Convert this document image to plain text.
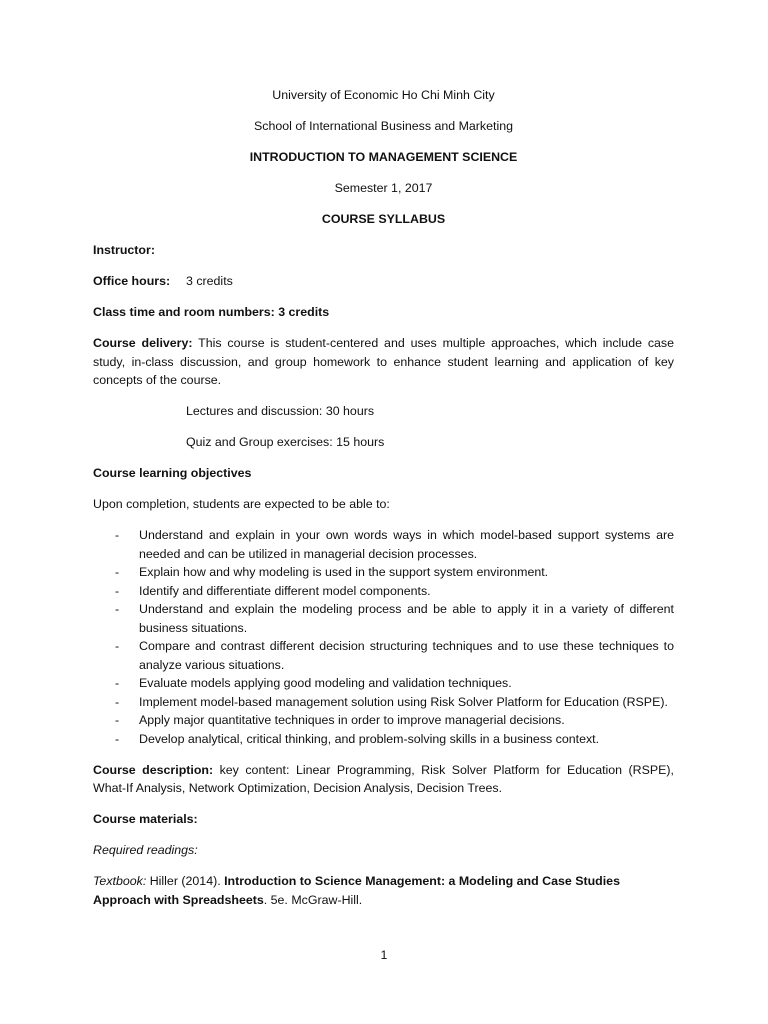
University of Economic Ho Chi Minh City

School of International Business and Marketing

INTRODUCTION TO MANAGEMENT SCIENCE

Semester 1, 2017

COURSE SYLLABUS

Instructor:

Office hours: 3 credits

Class time and room numbers: 3 credits

Course delivery: This course is student-centered and uses multiple approaches, which include case study, in-class discussion, and group homework to enhance student learning and application of key concepts of the course.

Lectures and discussion: 30 hours

Quiz and Group exercises: 15 hours

Course learning objectives

Upon completion, students are expected to be able to:

- Understand and explain in your own words ways in which model-based support systems are needed and can be utilized in managerial decision processes.
- Explain how and why modeling is used in the support system environment.
- Identify and differentiate different model components.
- Understand and explain the modeling process and be able to apply it in a variety of different business situations.
- Compare and contrast different decision structuring techniques and to use these techniques to analyze various situations.
- Evaluate models applying good modeling and validation techniques.
- Implement model-based management solution using Risk Solver Platform for Education (RSPE).
- Apply major quantitative techniques in order to improve managerial decisions.
- Develop analytical, critical thinking, and problem-solving skills in a business context.

Course description: key content: Linear Programming, Risk Solver Platform for Education (RSPE), What-If Analysis, Network Optimization, Decision Analysis, Decision Trees.

Course materials:

Required readings:

Textbook: Hiller (2014). Introduction to Science Management: a Modeling and Case Studies Approach with Spreadsheets. 5e. McGraw-Hill.

1
